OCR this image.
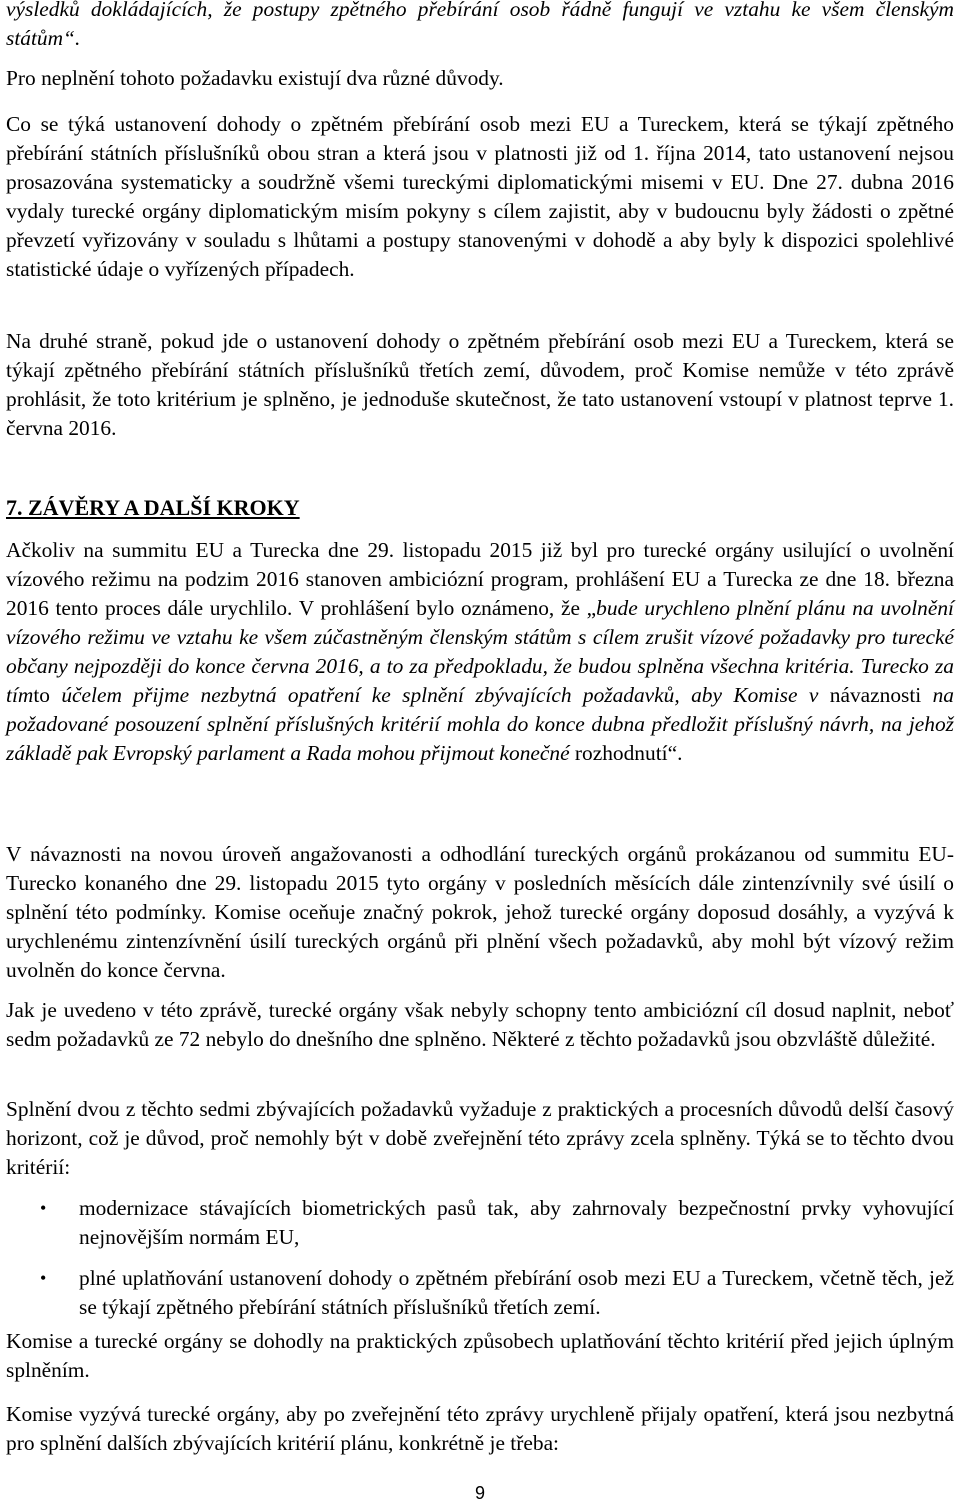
výsledků dokládajících, že postupy zpětného přebírání osob řádně fungují ve vztahu ke všem členským státům“.

Pro neplnění tohoto požadavku existují dva různé důvody.

Co se týká ustanovení dohody o zpětném přebírání osob mezi EU a Tureckem, která se týkají zpětného přebírání státních příslušníků obou stran a která jsou v platnosti již od 1. října 2014, tato ustanovení nejsou prosazována systematicky a soudržně všemi tureckými diplomatickými misemi v EU. Dne 27. dubna 2016 vydaly turecké orgány diplomatickým misím pokyny s cílem zajistit, aby v budoucnu byly žádosti o zpětné převzetí vyřizovány v souladu s lhůtami a postupy stanovenými v dohodě a aby byly k dispozici spolehlivé statistické údaje o vyřízených případech.

Na druhé straně, pokud jde o ustanovení dohody o zpětném přebírání osob mezi EU a Tureckem, která se týkají zpětného přebírání státních příslušníků třetích zemí, důvodem, proč Komise nemůže v této zprávě prohlásit, že toto kritérium je splněno, je jednoduše skutečnost, že tato ustanovení vstoupí v platnost teprve 1. června 2016.

7. ZÁVĚRY A DALŠÍ KROKY

Ačkoliv na summitu EU a Turecka dne 29. listopadu 2015 již byl pro turecké orgány usilující o uvolnění vízového režimu na podzim 2016 stanoven ambiciózní program, prohlášení EU a Turecka ze dne 18. března 2016 tento proces dále urychlilo. V prohlášení bylo oznámeno, že „bude urychleno plnění plánu na uvolnění vízového režimu ve vztahu ke všem zúčastněným členským státům s cílem zrušit vízové požadavky pro turecké občany nejpozději do konce června 2016, a to za předpokladu, že budou splněna všechna kritéria. Turecko za tímto účelem přijme nezbytná opatření ke splnění zbývajících požadavků, aby Komise v návaznosti na požadované posouzení splnění příslušných kritérií mohla do konce dubna předložit příslušný návrh, na jehož základě pak Evropský parlament a Rada mohou přijmout konečné rozhodnutí“.

V návaznosti na novou úroveň angažovanosti a odhodlání tureckých orgánů prokázanou od summitu EU-Turecko konaného dne 29. listopadu 2015 tyto orgány v posledních měsících dále zintenzívnily své úsilí o splnění této podmínky. Komise oceňuje značný pokrok, jehož turecké orgány doposud dosáhly, a vyzývá k urychlenému zintenzívnění úsilí tureckých orgánů při plnění všech požadavků, aby mohl být vízový režim uvolněn do konce června.

Jak je uvedeno v této zprávě, turecké orgány však nebyly schopny tento ambiciózní cíl dosud naplnit, neboť sedm požadavků ze 72 nebylo do dnešního dne splněno. Některé z těchto požadavků jsou obzvláště důležité.

Splnění dvou z těchto sedmi zbývajících požadavků vyžaduje z praktických a procesních důvodů delší časový horizont, což je důvod, proč nemohly být v době zveřejnění této zprávy zcela splněny. Týká se to těchto dvou kritérií:

• modernizace stávajících biometrických pasů tak, aby zahrnovaly bezpečnostní prvky vyhovující nejnovějším normám EU,
• plné uplatňování ustanovení dohody o zpětném přebírání osob mezi EU a Tureckem, včetně těch, jež se týkají zpětného přebírání státních příslušníků třetích zemí.

Komise a turecké orgány se dohodly na praktických způsobech uplatňování těchto kritérií před jejich úplným splněním.

Komise vyzývá turecké orgány, aby po zveřejnění této zprávy urychleně přijaly opatření, která jsou nezbytná pro splnění dalších zbývajících kritérií plánu, konkrétně je třeba:

9
